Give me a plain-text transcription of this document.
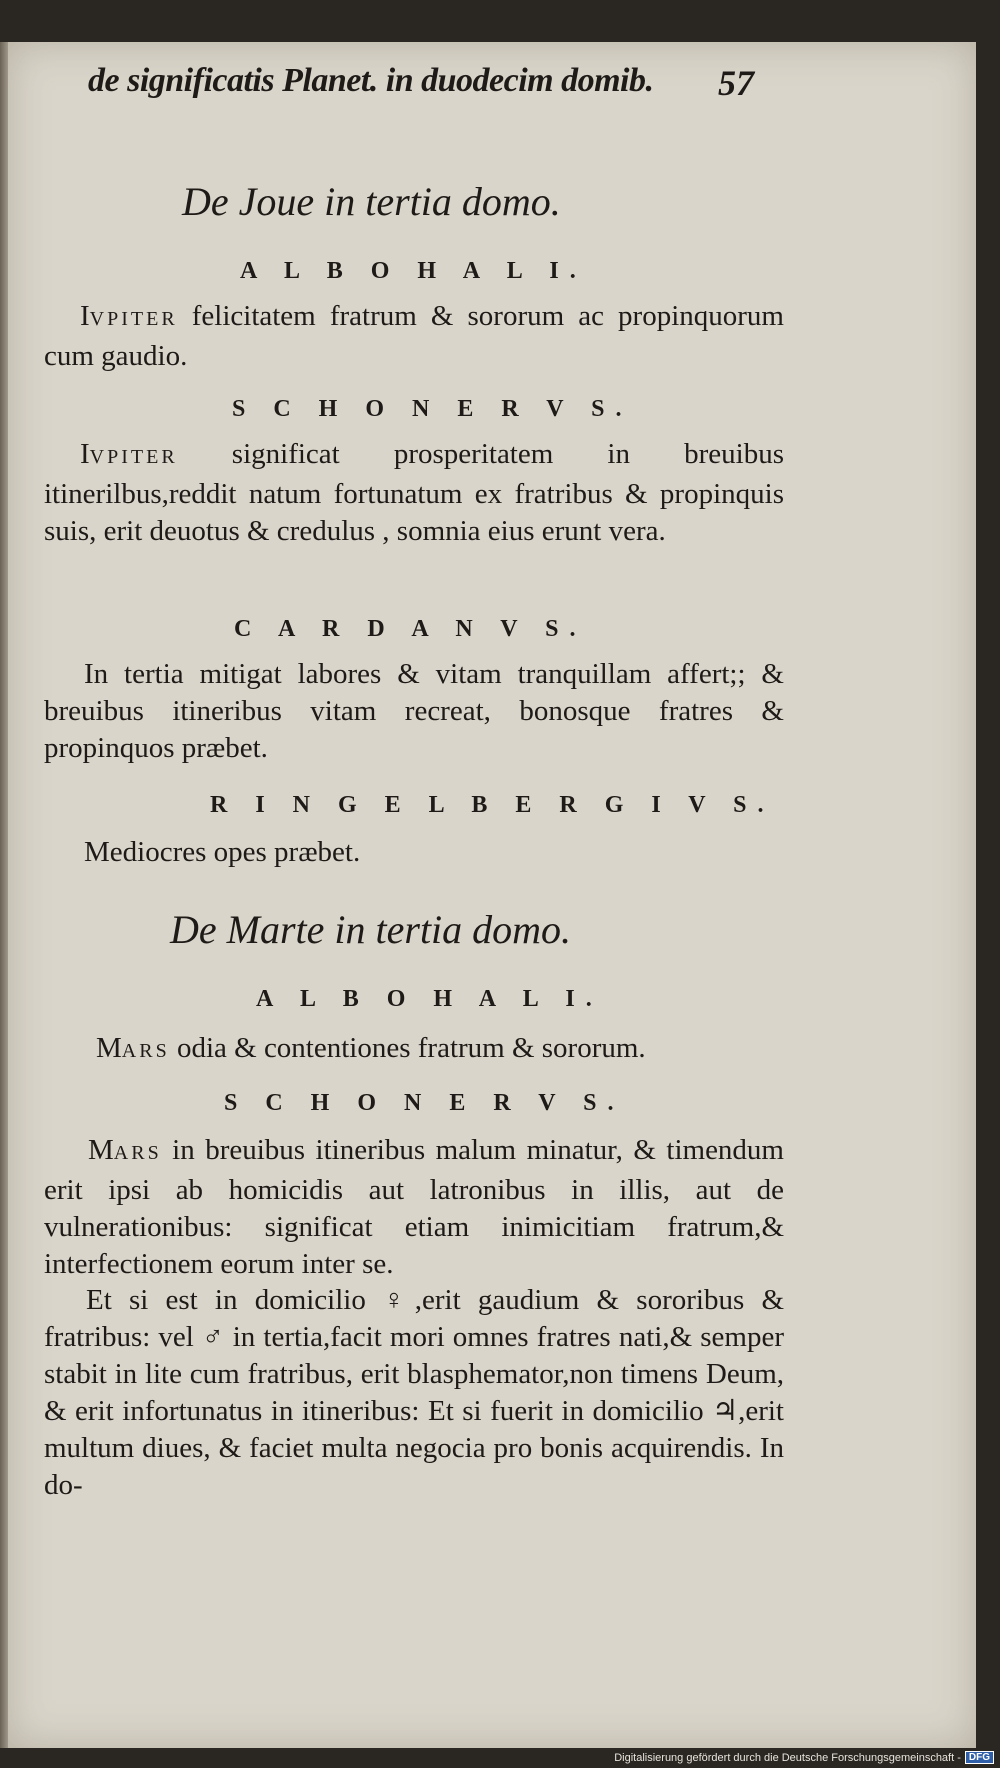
de significatis Planet. in duodecim domib.	57
De Joue in tertia domo.
A L B O H A L I.
IVPITER felicitatem fratrum & sororum ac propinquorum cum gaudio.
S C H O N E R V S.
IVPITER significat prosperitatem in breuibus itinerilbus,reddit natum fortunatum ex fratribus & propinquis suis, erit deuotus & credulus , somnia eius erunt vera.
C A R D A N V S.
In tertia mitigat labores & vitam tranquillam affert;; & breuibus itineribus vitam recreat, bonosque fratres & propinquos præbet.
R I N G E L B E R G I V S.
Mediocres opes præbet.
De Marte in tertia domo.
A L B O H A L I.
MARS odia & contentiones fratrum & sororum.
S C H O N E R V S.
MARS in breuibus itineribus malum minatur, & timendum erit ipsi ab homicidis aut latronibus in illis, aut de vulnerationibus: significat etiam inimicitiam fratrum,& interfectionem eorum inter se.
Et si est in domicilio ♀,erit gaudium & sororibus & fratribus: vel ♂ in tertia,facit mori omnes fratres nati,& semper stabit in lite cum fratribus, erit blasphemator,non timens Deum, & erit infortunatus in itineribus: Et si fuerit in domicilio ♃,erit multum diues, & faciet multa negocia pro bonis acquirendis. In do-
Digitalisierung gefördert durch die Deutsche Forschungsgemeinschaft - DFG
